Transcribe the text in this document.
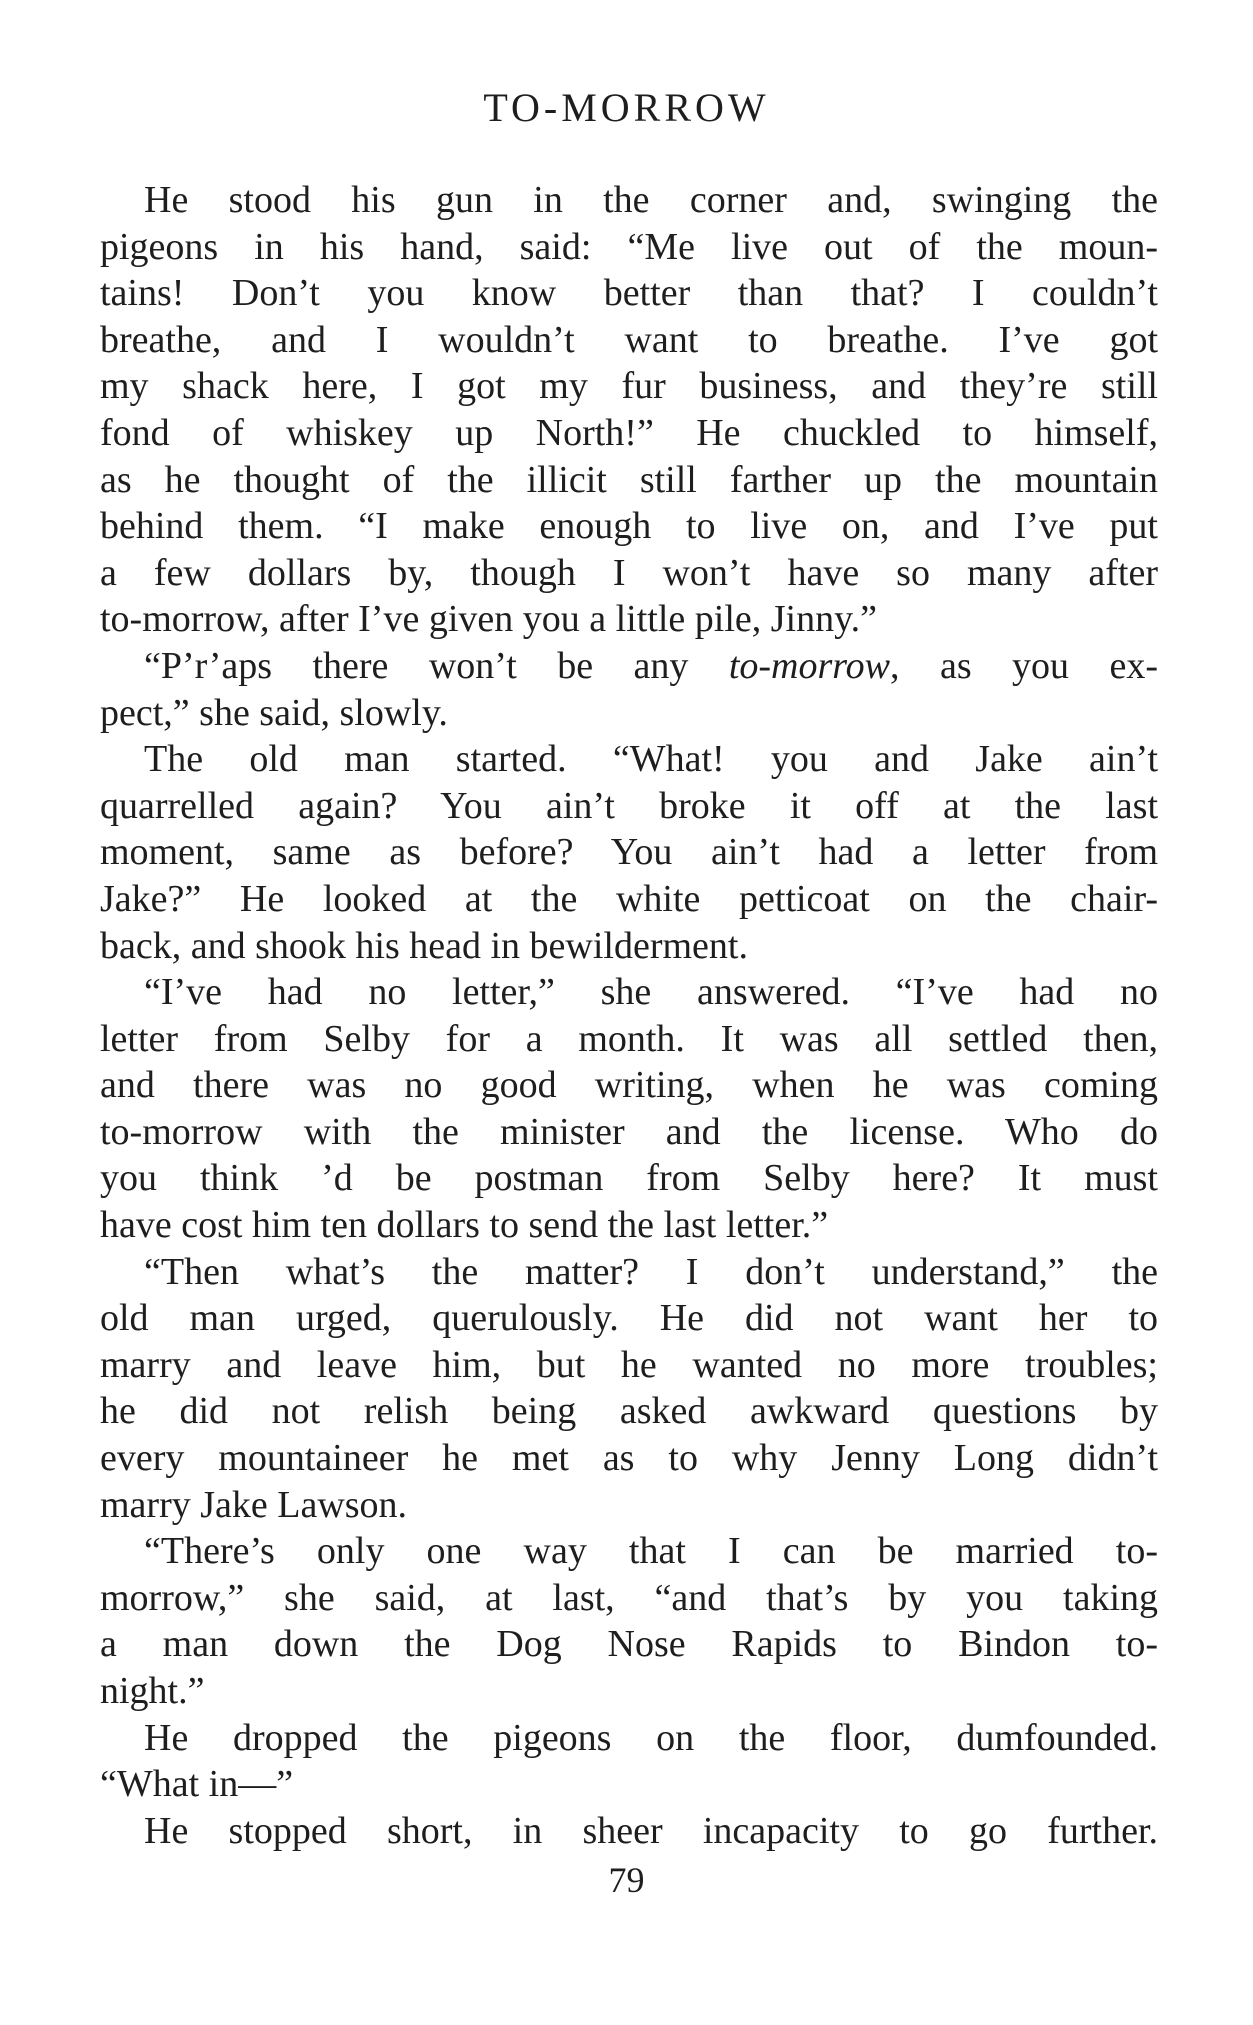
TO-MORROW
He stood his gun in the corner and, swinging the
pigeons in his hand, said: “Me live out of the moun-
tains! Don’t you know better than that? I couldn’t
breathe, and I wouldn’t want to breathe. I’ve got
my shack here, I got my fur business, and they’re still
fond of whiskey up North!” He chuckled to himself,
as he thought of the illicit still farther up the mountain
behind them. “I make enough to live on, and I’ve put
a few dollars by, though I won’t have so many after
to-morrow, after I’ve given you a little pile, Jinny.”
“P’r’aps there won’t be any to-morrow, as you ex-
pect,” she said, slowly.
The old man started. “What! you and Jake ain’t
quarrelled again? You ain’t broke it off at the last
moment, same as before? You ain’t had a letter from
Jake?” He looked at the white petticoat on the chair-
back, and shook his head in bewilderment.
“I’ve had no letter,” she answered. “I’ve had no
letter from Selby for a month. It was all settled then,
and there was no good writing, when he was coming
to-morrow with the minister and the license. Who do
you think ’d be postman from Selby here? It must
have cost him ten dollars to send the last letter.”
“Then what’s the matter? I don’t understand,” the
old man urged, querulously. He did not want her to
marry and leave him, but he wanted no more troubles;
he did not relish being asked awkward questions by
every mountaineer he met as to why Jenny Long didn’t
marry Jake Lawson.
“There’s only one way that I can be married to-
morrow,” she said, at last, “and that’s by you taking
a man down the Dog Nose Rapids to Bindon to-
night.”
He dropped the pigeons on the floor, dumfounded.
“What in—”
He stopped short, in sheer incapacity to go further.
79
